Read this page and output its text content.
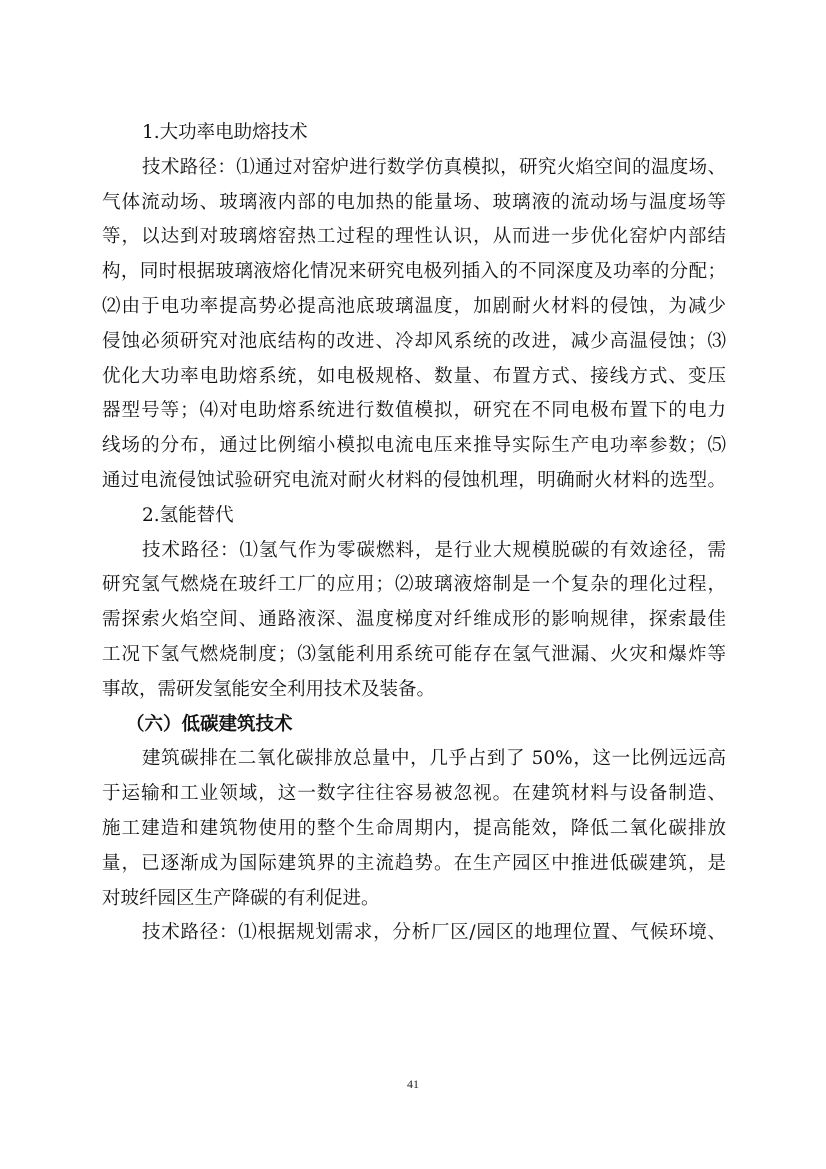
1.大功率电助熔技术
技术路径：⑴通过对窑炉进行数学仿真模拟，研究火焰空间的温度场、
气体流动场、玻璃液内部的电加热的能量场、玻璃液的流动场与温度场等
等，以达到对玻璃熔窑热工过程的理性认识，从而进一步优化窑炉内部结
构，同时根据玻璃液熔化情况来研究电极列插入的不同深度及功率的分配；
⑵由于电功率提高势必提高池底玻璃温度，加剧耐火材料的侵蚀，为减少
侵蚀必须研究对池底结构的改进、冷却风系统的改进，减少高温侵蚀；⑶
优化大功率电助熔系统，如电极规格、数量、布置方式、接线方式、变压
器型号等；⑷对电助熔系统进行数值模拟，研究在不同电极布置下的电力
线场的分布，通过比例缩小模拟电流电压来推导实际生产电功率参数；⑸
通过电流侵蚀试验研究电流对耐火材料的侵蚀机理，明确耐火材料的选型。
2.氢能替代
技术路径：⑴氢气作为零碳燃料，是行业大规模脱碳的有效途径，需
研究氢气燃烧在玻纤工厂的应用；⑵玻璃液熔制是一个复杂的理化过程，
需探索火焰空间、通路液深、温度梯度对纤维成形的影响规律，探索最佳
工况下氢气燃烧制度；⑶氢能利用系统可能存在氢气泄漏、火灾和爆炸等
事故，需研发氢能安全利用技术及装备。
（六）低碳建筑技术
建筑碳排在二氧化碳排放总量中，几乎占到了 50%，这一比例远远高
于运输和工业领域，这一数字往往容易被忽视。在建筑材料与设备制造、
施工建造和建筑物使用的整个生命周期内，提高能效，降低二氧化碳排放
量，已逐渐成为国际建筑界的主流趋势。在生产园区中推进低碳建筑，是
对玻纤园区生产降碳的有利促进。
技术路径：⑴根据规划需求，分析厂区/园区的地理位置、气候环境、
41
